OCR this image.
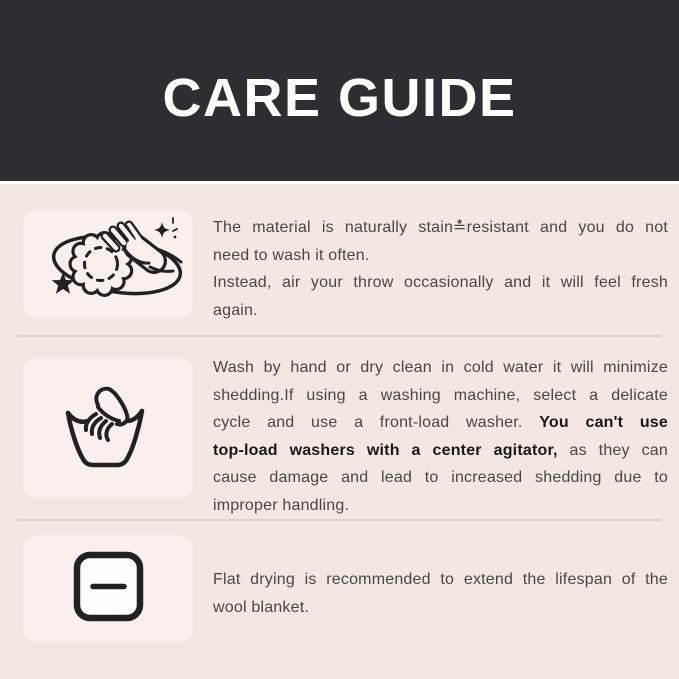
CARE GUIDE
The material is naturally stain≛resistant and you do not
need to wash it often.
Instead, air your throw occasionally and it will feel fresh
again.
Wash by hand or dry clean in cold water it will minimize
shedding.If using a washing machine, select a delicate
cycle and use a front-load washer. You can't use
top-load washers with a center agitator, as they can
cause damage and lead to increased shedding due to
improper handling.
Flat drying is recommended to extend the lifespan of the
wool blanket.
